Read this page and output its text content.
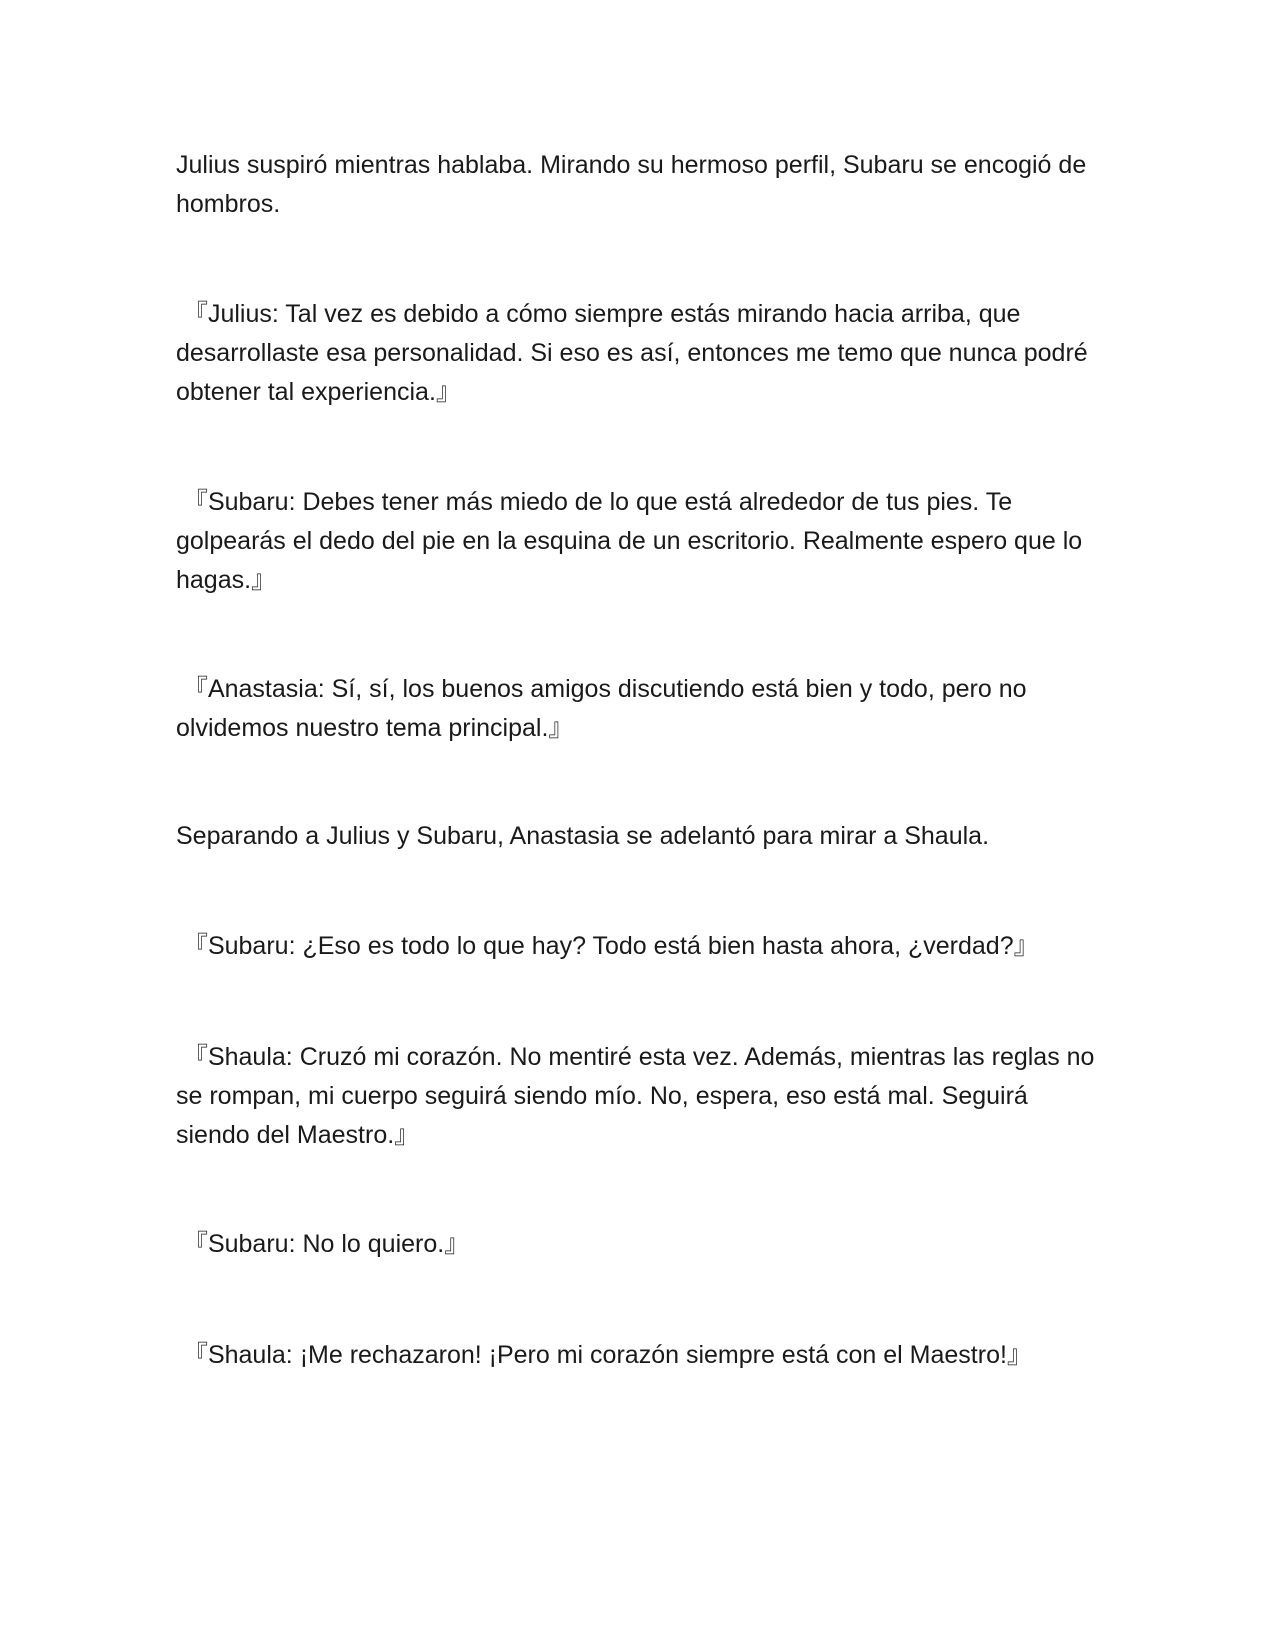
Julius suspiró mientras hablaba. Mirando su hermoso perfil, Subaru se encogió de hombros.

『Julius: Tal vez es debido a cómo siempre estás mirando hacia arriba, que desarrollaste esa personalidad. Si eso es así, entonces me temo que nunca podré obtener tal experiencia.』

『Subaru: Debes tener más miedo de lo que está alrededor de tus pies. Te golpearás el dedo del pie en la esquina de un escritorio. Realmente espero que lo hagas.』

『Anastasia: Sí, sí, los buenos amigos discutiendo está bien y todo, pero no olvidemos nuestro tema principal.』

Separando a Julius y Subaru, Anastasia se adelantó para mirar a Shaula.

『Subaru: ¿Eso es todo lo que hay? Todo está bien hasta ahora, ¿verdad?』

『Shaula: Cruzó mi corazón. No mentiré esta vez. Además, mientras las reglas no se rompan, mi cuerpo seguirá siendo mío. No, espera, eso está mal. Seguirá siendo del Maestro.』

『Subaru: No lo quiero.』

『Shaula: ¡Me rechazaron! ¡Pero mi corazón siempre está con el Maestro!』
